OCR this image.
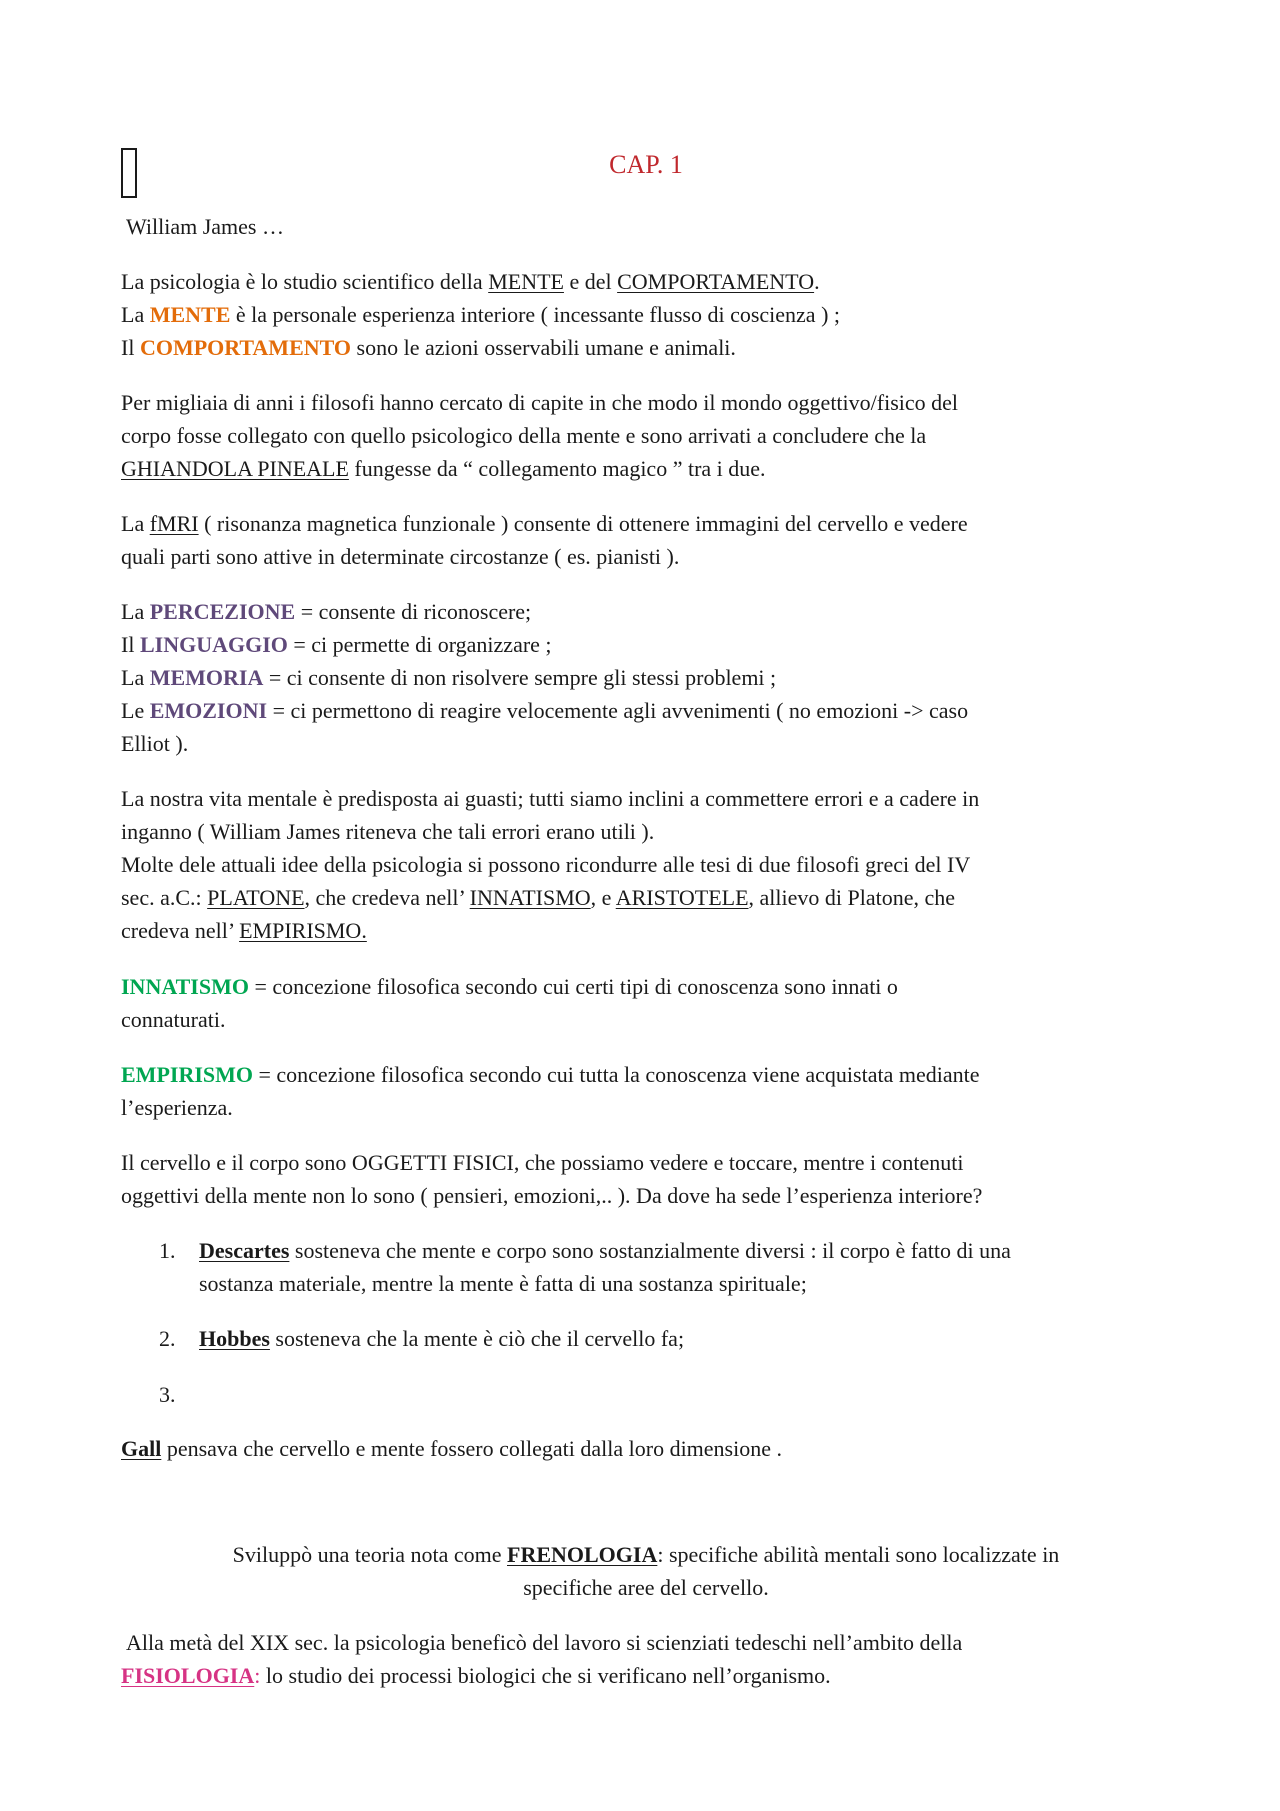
CAP. 1
William James …
La psicologia è lo studio scientifico della MENTE e del COMPORTAMENTO.
La MENTE è la personale esperienza interiore ( incessante flusso di coscienza ) ;
Il COMPORTAMENTO sono le azioni osservabili umane e animali.
Per migliaia di anni i filosofi hanno cercato di capite in che modo il mondo oggettivo/fisico del
corpo fosse collegato con quello psicologico della mente e sono arrivati a concludere che la
GHIANDOLA PINEALE fungesse da “ collegamento magico ” tra i due.
La fMRI ( risonanza magnetica funzionale ) consente di ottenere immagini del cervello e vedere
quali parti sono attive in determinate circostanze ( es. pianisti ).
La PERCEZIONE = consente di riconoscere;
Il LINGUAGGIO = ci permette di organizzare ;
La MEMORIA = ci consente di non risolvere sempre gli stessi problemi ;
Le EMOZIONI = ci permettono di reagire velocemente agli avvenimenti ( no emozioni -> caso
Elliot ).
La nostra vita mentale è predisposta ai guasti; tutti siamo inclini a commettere errori e a cadere in
inganno ( William James riteneva che tali errori erano utili ).
Molte dele attuali idee della psicologia si possono ricondurre alle tesi di due filosofi greci del IV
sec. a.C.: PLATONE, che credeva nell’ INNATISMO, e ARISTOTELE, allievo di Platone, che
credeva nell’ EMPIRISMO.
INNATISMO = concezione filosofica secondo cui certi tipi di conoscenza sono innati o
connaturati.
EMPIRISMO = concezione filosofica secondo cui tutta la conoscenza viene acquistata mediante
l’esperienza.
Il cervello e il corpo sono OGGETTI FISICI, che possiamo vedere e toccare, mentre i contenuti
oggettivi della mente non lo sono ( pensieri, emozioni,.. ). Da dove ha sede l’esperienza interiore?
1. Descartes sosteneva che mente e corpo sono sostanzialmente diversi : il corpo è fatto di una
sostanza materiale, mentre la mente è fatta di una sostanza spirituale;
2. Hobbes sosteneva che la mente è ciò che il cervello fa;
3.
Gall pensava che cervello e mente fossero collegati dalla loro dimensione .
Sviluppò una teoria nota come FRENOLOGIA: specifiche abilità mentali sono localizzate in
specifiche aree del cervello.
Alla metà del XIX sec. la psicologia beneficò del lavoro si scienziati tedeschi nell’ambito della
FISIOLOGIA: lo studio dei processi biologici che si verificano nell’organismo.
